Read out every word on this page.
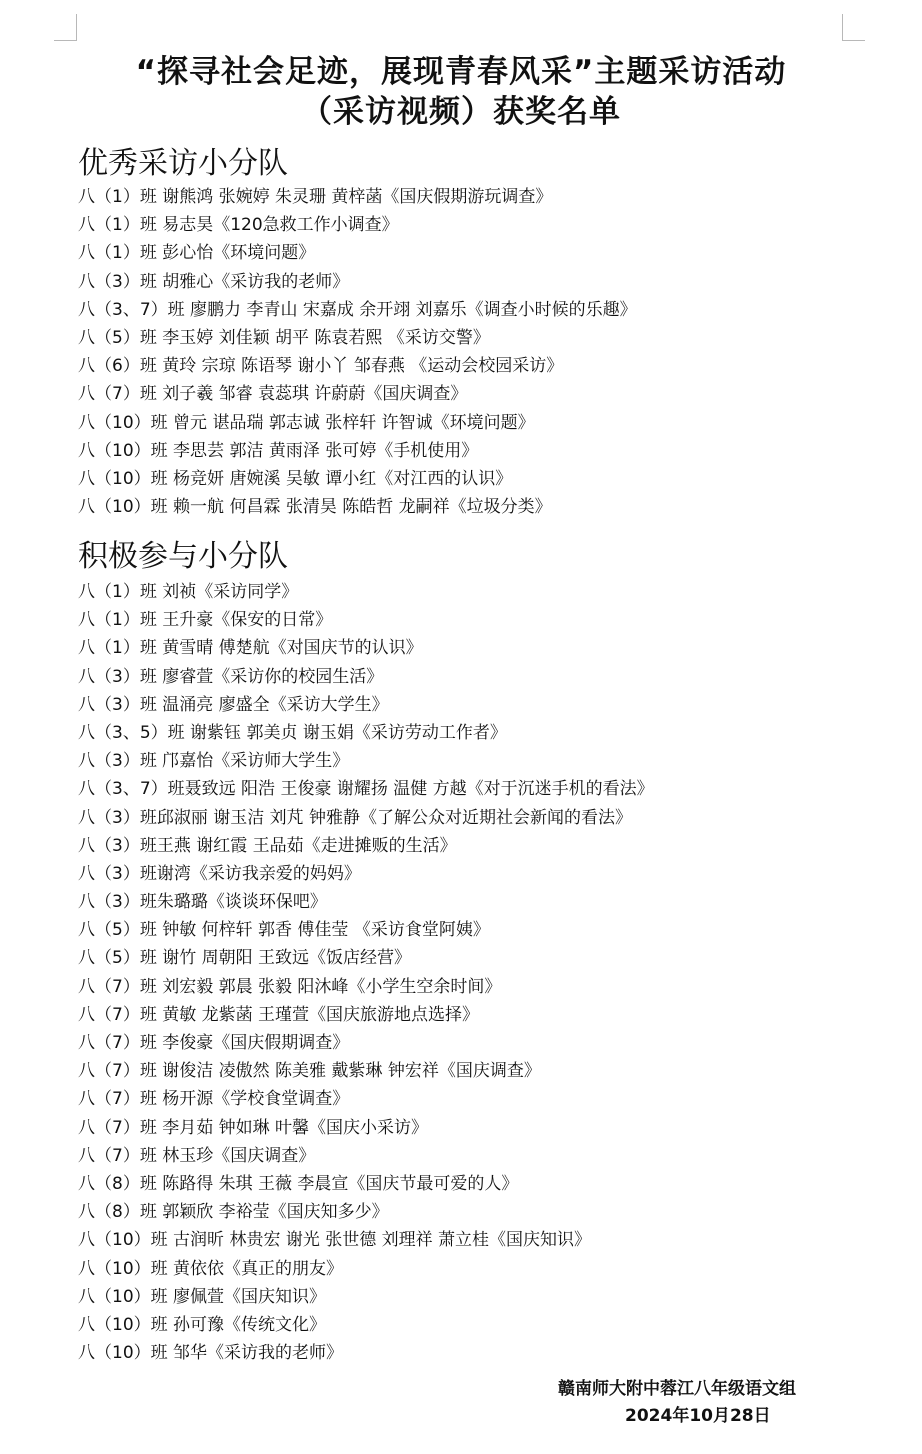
“探寻社会足迹，展现青春风采”主题采访活动
（采访视频）获奖名单
优秀采访小分队
八（1）班 谢熊鸿 张婉婷 朱灵珊 黄梓菡《国庆假期游玩调查》
八（1）班 易志昊《120急救工作小调查》
八（1）班 彭心怡《环境问题》
八（3）班 胡雅心《采访我的老师》
八（3、7）班 廖鹏力 李青山 宋嘉成 余开翊 刘嘉乐《调查小时候的乐趣》
八（5）班 李玉婷 刘佳颖 胡平 陈袁若熙 《采访交警》
八（6）班 黄玲 宗琼 陈语琴 谢小丫 邹春燕 《运动会校园采访》
八（7）班 刘子羲 邹睿 袁蕊琪 许蔚蔚《国庆调查》
八（10）班 曾元 谌品瑞 郭志诚 张梓轩 许智诚《环境问题》
八（10）班 李思芸 郭洁 黄雨泽 张可婷《手机使用》
八（10）班 杨竞妍 唐婉溪 吴敏 谭小红《对江西的认识》
八（10）班 赖一航 何昌霖 张清昊 陈皓哲 龙嗣祥《垃圾分类》
积极参与小分队
八（1）班 刘祯《采访同学》
八（1）班 王升豪《保安的日常》
八（1）班 黄雪晴 傅楚航《对国庆节的认识》
八（3）班 廖睿萱《采访你的校园生活》
八（3）班 温涌亮 廖盛全《采访大学生》
八（3、5）班 谢紫钰 郭美贞 谢玉娟《采访劳动工作者》
八（3）班 邝嘉怡《采访师大学生》
八（3、7）班聂致远 阳浩 王俊豪 谢耀扬 温健 方越《对于沉迷手机的看法》
八（3）班邱淑丽 谢玉洁 刘芃 钟雅静《了解公众对近期社会新闻的看法》
八（3）班王燕 谢红霞 王品茹《走进摊贩的生活》
八（3）班谢湾《采访我亲爱的妈妈》
八（3）班朱璐璐《谈谈环保吧》
八（5）班 钟敏 何梓轩 郭香 傅佳莹 《采访食堂阿姨》
八（5）班 谢竹 周朝阳 王致远《饭店经营》
八（7）班 刘宏毅 郭晨 张毅 阳沐峰《小学生空余时间》
八（7）班 黄敏 龙紫菡 王瑾萱《国庆旅游地点选择》
八（7）班 李俊豪《国庆假期调查》
八（7）班 谢俊洁 凌傲然 陈美雅 戴紫琳 钟宏祥《国庆调查》
八（7）班 杨开源《学校食堂调查》
八（7）班 李月茹 钟如琳 叶馨《国庆小采访》
八（7）班 林玉珍《国庆调查》
八（8）班 陈路得 朱琪 王薇 李晨宣《国庆节最可爱的人》
八（8）班 郭颖欣 李裕莹《国庆知多少》
八（10）班 古润昕 林贵宏 谢光 张世德 刘理祥 萧立桂《国庆知识》
八（10）班 黄依依《真正的朋友》
八（10）班 廖佩萱《国庆知识》
八（10）班 孙可豫《传统文化》
八（10）班 邹华《采访我的老师》
赣南师大附中蓉江八年级语文组
2024年10月28日
